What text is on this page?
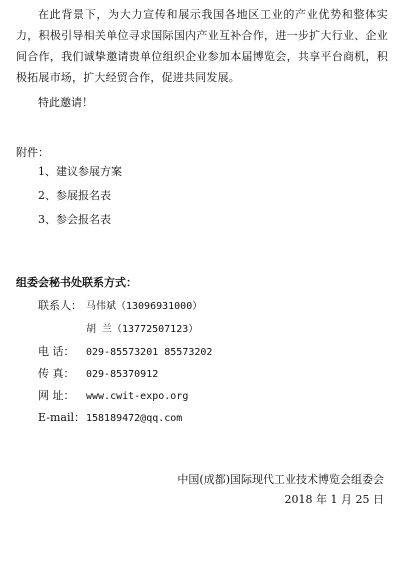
在此背景下，为大力宣传和展示我国各地区工业的产业优势和整体实力，积极引导相关单位寻求国际国内产业互补合作，进一步扩大行业、企业间合作，我们诚挚邀请贵单位组织企业参加本届博览会，共享平台商机，积极拓展市场，扩大经贸合作，促进共同发展。
特此邀请！
附件：
1、建议参展方案
2、参展报名表
3、参会报名表
组委会秘书处联系方式：
联系人： 马伟斌（13096931000）
胡 兰（13772507123）
电 话： 029-85573201 85573202
传 真： 029-85370912
网 址： www.cwit-expo.org
E-mail：158189472@qq.com
中国(成都)国际现代工业技术博览会组委会
2018 年 1 月 25 日
